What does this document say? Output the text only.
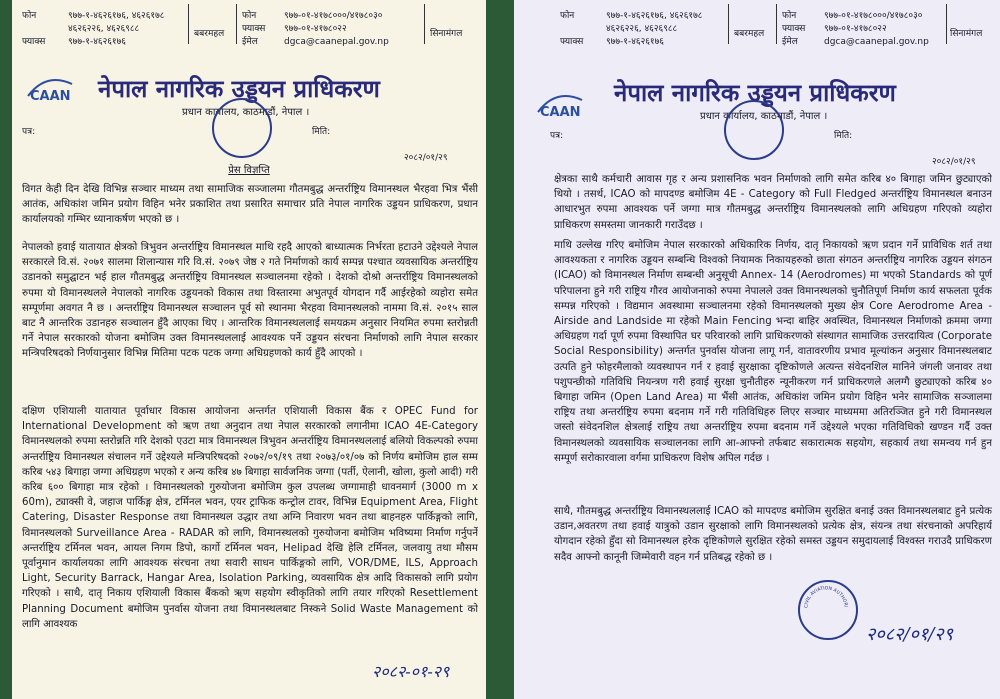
फोन
फ्याक्स
९७७-१-४६२६१७६, ४६२६१७८
४६२६२२६, ४६२६९८८
९७७-१-४६२६१७६
बबरमहल
फोन
फ्याक्स
ईमेल
९७७-०१-४१७८०००/४१७८०३०
९७७-०१-४१७८०२२
dgca@caanepal.gov.np
सिनामंगल
CAAN नेपाल नागरिक उड्डयन प्राधिकरण
प्रधान कार्यालय, काठमाडौं, नेपाल ।
पत्र:	मिति:
२०८२/०१/२९
प्रेस विज्ञप्ति
विगत केही दिन देखि विभिन्न सञ्चार माध्यम तथा सामाजिक सञ्जालमा गौतमबुद्ध अन्तर्राष्ट्रिय विमानस्थल भैरहवा भित्र भैंसी आतंक, अधिकांश जमिन प्रयोग विहिन भनेर प्रकाशित तथा प्रसारित समाचार प्रति नेपाल नागरिक उड्डयन प्राधिकरण, प्रधान कार्यालयको गम्भिर ध्यानाकर्षण भएको छ ।
नेपालको हवाई यातायात क्षेत्रको त्रिभुवन अन्तर्राष्ट्रिय विमानस्थल माथि रहदै आएको बाध्यात्मक निर्भरता हटाउने उद्देश्यले नेपाल सरकारले वि.सं. २०७१ सालमा शिलान्यास गरि वि.सं. २०७९ जेष्ठ २ गते निर्माणको कार्य सम्पन्न पश्चात व्यवसायिक अन्तर्राष्ट्रिय उडानको समुद्घाटन भई हाल गौतमबुद्ध अन्तर्राष्ट्रिय विमानस्थल सञ्चालनमा रहेको । देशको दोश्रो अन्तर्राष्ट्रिय विमानस्थलको रुपमा यो विमानस्थलले नेपालको नागरिक उड्डयनको विकास तथा विस्तारमा अभुतपूर्व योगदान गर्दै आईरहेको व्यहोरा समेत सम्पूर्णमा अवगत नै छ । अन्तर्राष्ट्रिय विमानस्थल सञ्चालन पूर्व सो स्थानमा भैरहवा विमानस्थलको नाममा वि.सं. २०१५ साल बाट नै आन्तरिक उडानहरु सञ्चालन हुँदै आएका थिए । आन्तरिक विमानस्थललाई समयक्रम अनुसार नियमित रुपमा स्तरोन्नती गर्ने नेपाल सरकारको योजना बमोजिम उक्त विमानस्थललाई आवश्यक पर्ने उड्डयन संरचना निर्माणको लागि नेपाल सरकार मन्त्रिपरिषदको निर्णयानुसार विभिन्न मितिमा पटक पटक जग्गा अधिग्रहणको कार्य हुँदै आएको ।
दक्षिण एशियाली यातायात पूर्वाधार विकास आयोजना अन्तर्गत एशियाली विकास बैंक र OPEC Fund for International Development को ऋण तथा अनुदान तथा नेपाल सरकारको लगानीमा ICAO 4E-Category विमानस्थलको रुपमा स्तरोन्नति गरि देशको एउटा मात्र विमानस्थल त्रिभुवन अन्तर्राष्ट्रिय विमानस्थललाई बलियो विकल्पको रुपमा अन्तर्राष्ट्रिय विमानस्थल संचालन गर्ने उद्देश्यले मन्त्रिपरिषदको २०७२/०९/१९ तथा २०७३/०१/०७ को निर्णय बमोजिम हाल सम्म करिब ५४३ बिगाहा जग्गा अधिग्रहण भएको र अन्य करिब ४७ बिगाहा सार्वजनिक जग्गा (पर्ती, ऐलानी, खोला, कुलो आदी) गरी करिब ६०० बिगाहा मात्र रहेको । विमानस्थलको गुरुयोजना बमोजिम कुल उपलब्ध जग्गामाही धावनमार्ग (3000 m x 60m), ट्याक्सी वे, जहाज पार्किङ्ग क्षेत्र, टर्मिनल भवन, एयर ट्राफिक कन्ट्रोल टावर, विभिन्न Equipment Area, Flight Catering, Disaster Response तथा विमानस्थल उद्धार तथा अग्नि निवारण भवन तथा बाहनहरु पार्किङ्गको लागि, विमानस्थलको Surveillance Area - RADAR को लागि, विमानस्थलको गुरुयोजना बमोजिम भविष्यमा निर्माण गर्नुपर्ने अन्तर्राष्ट्रिय टर्मिनल भवन, आयल निगम डिपो, कार्गो टर्मिनल भवन, Helipad देखि हेलि टर्मिनल, जलवायु तथा मौसम पूर्वानुमान कार्यालयका लागि आवश्यक संरचना तथा सवारी साधन पार्किङ्गको लागि, VOR/DME, ILS, Approach Light, Security Barrack, Hangar Area, Isolation Parking, व्यवसायिक क्षेत्र आदि विकासको लागि प्रयोग गरिएको । साथै, दातृ निकाय एशियाली विकास बैंकको ऋण सहयोग स्वीकृतिको लागि तयार गरिएको Resettlement Planning Document बमोजिम पुनर्वास योजना तथा विमानस्थलबाट निस्कने Solid Waste Management को लागि आवश्यक
२०८२-०१-२९
फोन
फ्याक्स
९७७-१-४६२६१७६, ४६२६१७८
४६२६२२६, ४६२६९८८
९७७-१-४६२६१७६
बबरमहल
फोन
फ्याक्स
ईमेल
९७७-०१-४१७८०००/४१७८०३०
९७७-०१-४१७८०२२
dgca@caanepal.gov.np
सिनामंगल
CAAN
नेपाल नागरिक उड्डयन प्राधिकरण
प्रधान कार्यालय, काठमाडौं, नेपाल ।
पत्र:	मिति:
२०८२/०१/२९
क्षेत्रका साथै कर्मचारी आवास गृह र अन्य प्रशासनिक भवन निर्माणको लागि समेत करिब ४० बिगाहा जमिन छुट्याएको थियो । तसर्थ, ICAO को मापदण्ड बमोजिम 4E - Category को Full Fledged अन्तर्राष्ट्रिय विमानस्थल बनाउन आधारभुत रुपमा आवश्यक पर्ने जग्गा मात्र गौतमबुद्ध अन्तर्राष्ट्रिय विमानस्थलको लागि अधिग्रहण गरिएको व्यहोरा प्राधिकरण समस्तमा जानकारी गराउँदछ ।
माथि उल्लेख गरिए बमोजिम नेपाल सरकारको अधिकारिक निर्णय, दातृ निकायको ऋण प्रदान गर्ने प्राविधिक शर्त तथा आवश्यकता र नागरिक उड्डयन सम्बन्धि विश्वको नियामक निकायहरुको छाता संगठन अन्तर्राष्ट्रिय नागरिक उड्डयन संगठन (ICAO) को विमानस्थल निर्माण सम्बन्धी अनुसूची Annex- 14 (Aerodromes) मा भएको Standards को पूर्ण परिपालना हुने गरी राष्ट्रिय गौरव आयोजनाको रुपमा नेपालले उक्त विमानस्थलको चुनौतिपूर्ण निर्माण कार्य सफलता पूर्वक सम्पन्न गरिएको । विद्यमान अवस्थामा सञ्चालनमा रहेको विमानस्थलको मुख्य क्षेत्र Core Aerodrome Area - Airside and Landside मा रहेको Main Fencing भन्दा बाहिर अवस्थित, विमानस्थल निर्माणको क्रममा जग्गा अधिग्रहण गर्दा पूर्ण रुपमा विस्थापित घर परिवारको लागि प्राधिकरणको संस्थागत सामाजिक उत्तरदायित्व (Corporate Social Responsibility) अन्तर्गत पुनर्वास योजना लागू गर्न, वातावरणीय प्रभाव मूल्यांकन अनुसार विमानस्थलबाट उत्पति हुने फोहरमैलाको व्यवस्थापन गर्न र हवाई सुरक्षाका दृष्टिकोणले अत्यन्त संवेदनशिल मानिने जंगली जनावर तथा पशुपन्छीको गतिविधि नियन्त्रण गरी हवाई सुरक्षा चुनौतीहरु न्यूनीकरण गर्न प्राधिकरणले अलग्गै छुट्याएको करिब ४० बिगाहा जमिन (Open Land Area) मा भैंसी आतंक, अधिकांश जमिन प्रयोग विहिन भनेर सामाजिक सञ्जालमा राष्ट्रिय तथा अन्तर्राष्ट्रिय रुपमा बदनाम गर्ने गरी गतिविधिहरु लिएर सञ्चार माध्यममा अतिरञ्जित हुने गरी विमानस्थल जस्तो संवेदनशिल क्षेत्रलाई राष्ट्रिय तथा अन्तर्राष्ट्रिय रुपमा बदनाम गर्ने उद्देश्यले भएका गतिविधिको खण्डन गर्दै उक्त विमानस्थलको व्यवसायिक सञ्चालनका लागि आ-आफ्नो तर्फबाट सकारात्मक सहयोग, सहकार्य तथा समन्वय गर्न हुन सम्पूर्ण सरोकारवाला वर्गमा प्राधिकरण विशेष अपिल गर्दछ ।
साथै, गौतमबुद्ध अन्तर्राष्ट्रिय विमानस्थललाई ICAO को मापदण्ड बमोजिम सुरक्षित बनाई उक्त विमानस्थलबाट हुने प्रत्येक उडान,अवतरण तथा हवाई यात्रुको उडान सुरक्षाको लागि विमानस्थलको प्रत्येक क्षेत्र, संयन्त्र तथा संरचनाको अपरिहार्य योगदान रहेको हुँदा सो विमानस्थल हरेक दृष्टिकोणले सुरक्षित रहेको समस्त उड्डयन समुदायलाई विश्वस्त गराउदै प्राधिकरण सदैव आफ्नो कानूनी जिम्मेवारी वहन गर्न प्रतिबद्ध रहेको छ ।
CIVIL AVIATION AUTHORI
२०८२/०१/२९
